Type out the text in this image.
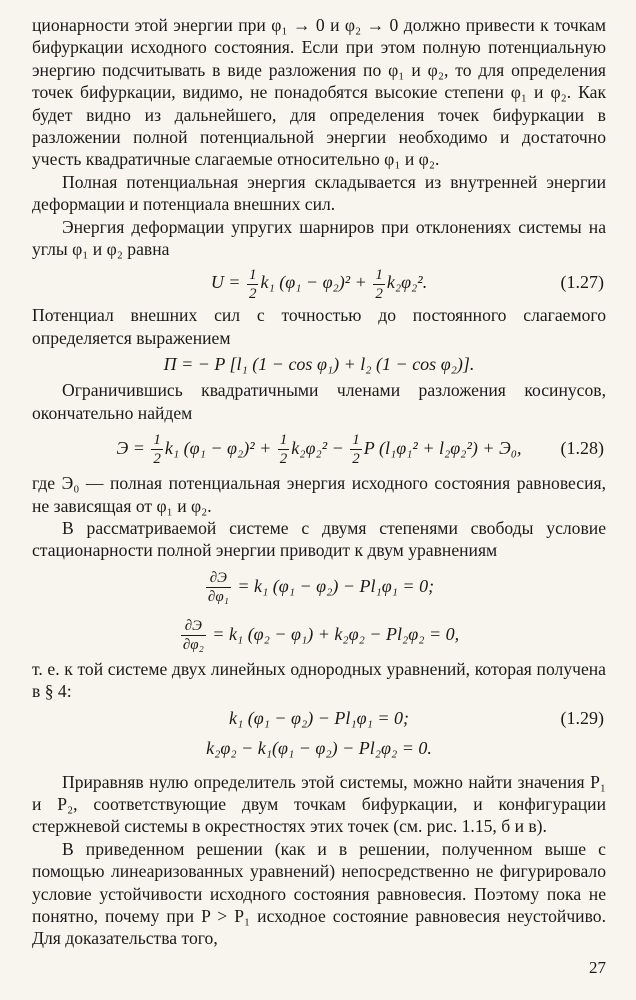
ционарности этой энергии при φ₁ → 0 и φ₂ → 0 должно привести к точкам бифуркации исходного состояния. Если при этом полную потенциальную энергию подсчитывать в виде разложения по φ₁ и φ₂, то для определения точек бифуркации, видимо, не понадобятся высокие степени φ₁ и φ₂. Как будет видно из дальнейшего, для определения точек бифуркации в разложении полной потенциальной энергии необходимо и достаточно учесть квадратичные слагаемые относительно φ₁ и φ₂.

Полная потенциальная энергия складывается из внутренней энергии деформации и потенциала внешних сил.

Энергия деформации упругих шарниров при отклонениях системы на углы φ₁ и φ₂ равна

$U = \frac{1}{2} k_1$ $(\varphi_1 - \varphi_2)^2 + \frac{1}{2} k_2\varphi_2^2$.	(1.27)

Потенциал внешних сил с точностью до постоянного слагаемого определяется выражением

П = − P [l₁ (1 − cos φ₁) + l₂ (1 − cos φ₂)].

Ограничившись квадратичными членами разложения косинусов, окончательно найдем

$Э = \frac{1}{2} k_1$ $(\varphi_1 - \varphi_2)^2 + \frac{1}{2} k_2\varphi_2^2 - \frac{1}{2}$ P (l₁φ₁² + l₂φ₂²) + Э₀, (1.28)

где Э₀ — полная потенциальная энергия исходного состояния равновесия, не зависящая от φ₁ и φ₂.

В рассматриваемой системе с двумя степенями свободы условие стационарности полной энергии приводит к двум уравнениям

$\frac{\partial Э}{\text{∂φ₁}} = k_1$ (φ₁ − φ₂) − Pl₁φ₁ = 0;
$\frac{\partial Э}{\text{∂φ₂}} = k_1$ (φ₂ − φ₁) + k₂φ₂ − Pl₂φ₂ = 0,

т. е. к той системе двух линейных однородных уравнений, которая получена в § 4:

k₁ (φ₁ − φ₂) − Pl₁φ₁ = 0;	(1.29)
k₂φ₂ − k₁(φ₁ − φ₂) − Pl₂φ₂ = 0.

Приравняв нулю определитель этой системы, можно найти значения P₁ и P₂, соответствующие двум точкам бифуркации, и конфигурации стержневой системы в окрестностях этих точек (см. рис. 1.15, б и в).

В приведенном решении (как и в решении, полученном выше с помощью линеаризованных уравнений) непосредственно не фигурировало условие устойчивости исходного состояния равновесия. Поэтому пока не понятно, почему при P > P₁ исходное состояние равновесия неустойчиво. Для доказательства того,

27
